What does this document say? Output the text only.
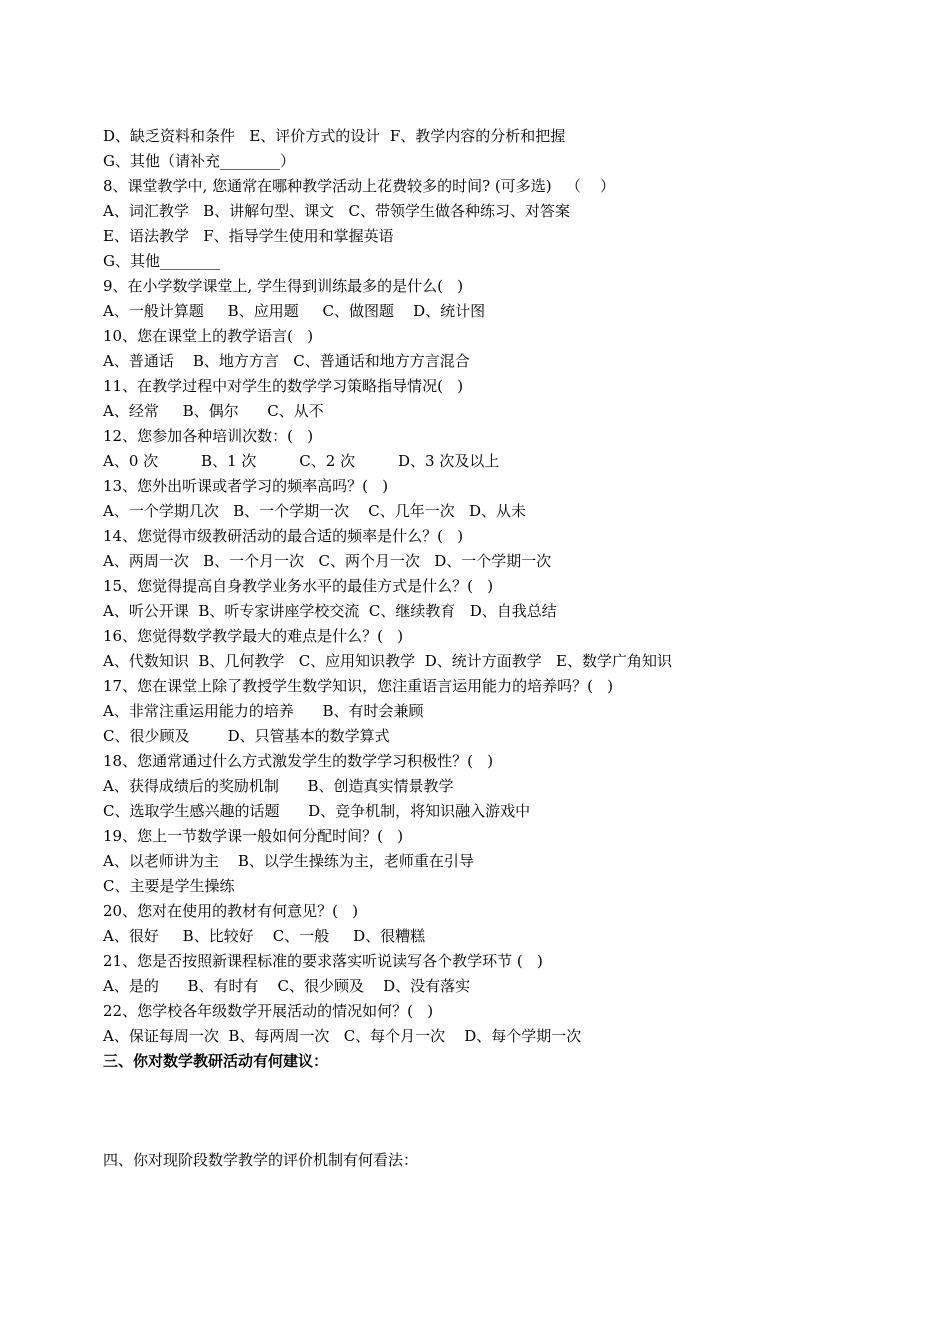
D、缺乏资料和条件   E、评价方式的设计  F、教学内容的分析和把握
G、其他（请补充________）
8、课堂教学中, 您通常在哪种教学活动上花费较多的时间? (可多选)   （    ）
A、词汇教学   B、讲解句型、课文   C、带领学生做各种练习、对答案
E、语法教学   F、指导学生使用和掌握英语
G、其他________
9、在小学数学课堂上, 学生得到训练最多的是什么(   )
A、一般计算题     B、应用题     C、做图题    D、统计图
10、您在课堂上的教学语言(   )
A、普通话    B、地方方言   C、普通话和地方方言混合
11、在教学过程中对学生的数学学习策略指导情况(   )
A、经常     B、偶尔      C、从不
12、您参加各种培训次数：(   )
A、0 次         B、1 次         C、2 次         D、3 次及以上
13、您外出听课或者学习的频率高吗？(   )
A、一个学期几次   B、一个学期一次    C、几年一次   D、从未
14、您觉得市级教研活动的最合适的频率是什么？(   )
A、两周一次   B、一个月一次   C、两个月一次   D、一个学期一次
15、您觉得提高自身教学业务水平的最佳方式是什么？(   )
A、听公开课  B、听专家讲座学校交流  C、继续教育   D、自我总结
16、您觉得数学教学最大的难点是什么？(   )
A、代数知识  B、几何教学   C、应用知识教学  D、统计方面教学   E、数学广角知识
17、您在课堂上除了教授学生数学知识，您注重语言运用能力的培养吗？(   )
A、非常注重运用能力的培养      B、有时会兼顾
C、很少顾及        D、只管基本的数学算式
18、您通常通过什么方式激发学生的数学学习积极性？(   )
A、获得成绩后的奖励机制      B、创造真实情景教学
C、选取学生感兴趣的话题      D、竞争机制，将知识融入游戏中
19、您上一节数学课一般如何分配时间？(   )
A、以老师讲为主    B、以学生操练为主，老师重在引导
C、主要是学生操练
20、您对在使用的教材有何意见？(   )
A、很好     B、比较好    C、一般     D、很糟糕
21、您是否按照新课程标准的要求落实听说读写各个教学环节 (   )
A、是的      B、有时有    C、很少顾及    D、没有落实
22、您学校各年级数学开展活动的情况如何？(   )
A、保证每周一次  B、每两周一次   C、每个月一次    D、每个学期一次
三、你对数学教研活动有何建议：
四、你对现阶段数学教学的评价机制有何看法：
